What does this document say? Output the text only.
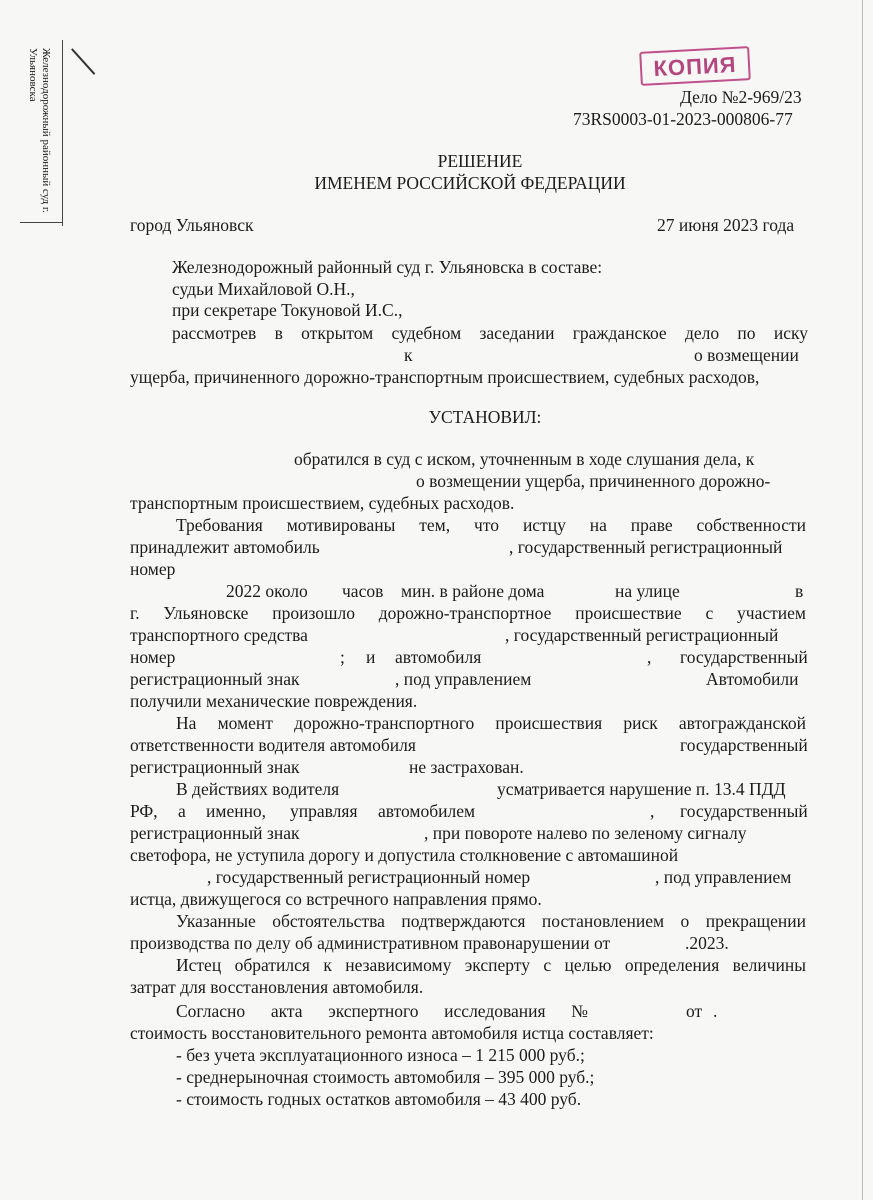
Железнодорожный районный суд г. Ульяновска	КОПИЯ
Дело №2-969/23
73RS0003-01-2023-000806-77
РЕШЕНИЕ
ИМЕНЕМ РОССИЙСКОЙ ФЕДЕРАЦИИ
город Ульяновск	27 июня 2023 года
Железнодорожный районный суд г. Ульяновска в составе:
судьи Михайловой О.Н.,
при секретаре Токуновой И.С.,
рассмотрев в открытом судебном заседании гражданское дело по иску
к	о возмещении
ущерба, причиненного дорожно-транспортным происшествием, судебных расходов,
УСТАНОВИЛ:
обратился в суд с иском, уточненным в ходе слушания дела, к
о возмещении ущерба, причиненного дорожно-
транспортным происшествием, судебных расходов.
Требования мотивированы тем, что истцу на праве собственности
принадлежит автомобиль	, государственный регистрационный
номер
2022 около часов мин. в районе дома	на улице	в
г. Ульяновске произошло дорожно-транспортное происшествие с участием
транспортного средства	, государственный регистрационный
номер	; и автомобиля	, государственный
регистрационный знак	, под управлением	Автомобили
получили механические повреждения.
На момент дорожно-транспортного происшествия риск автогражданской
ответственности водителя автомобиля	государственный
регистрационный знак	не застрахован.
В действиях водителя	усматривается нарушение п. 13.4 ПДД
РФ, а именно, управляя автомобилем	, государственный
регистрационный знак	, при повороте налево по зеленому сигналу
светофора, не уступила дорогу и допустила столкновение с автомашиной
, государственный регистрационный номер	, под управлением
истца, движущегося со встречного направления прямо.
Указанные обстоятельства подтверждаются постановлением о прекращении
производства по делу об административном правонарушении от	.2023.
Истец обратился к независимому эксперту с целью определения величины
затрат для восстановления автомобиля.
Согласно акта экспертного исследования №	от .
стоимость восстановительного ремонта автомобиля истца составляет:
- без учета эксплуатационного износа – 1 215 000 руб.;
- среднерыночная стоимость автомобиля – 395 000 руб.;
- стоимость годных остатков автомобиля – 43 400 руб.
